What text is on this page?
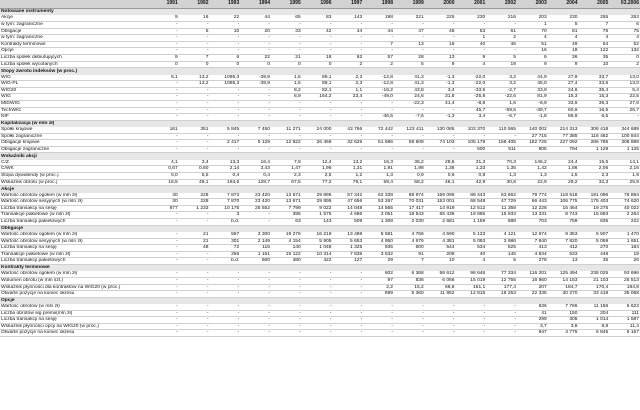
	1991	1992	1993	1994	1995	1996	1997	1998	1999	2000	2001	2002	2003	2004	2005	03.2006
Notowane instrumenty																
Akcje	9	16	22	44	65	83	143	198	221	225	230	216	203	230	255	253
w tym: zagraniczne	-	-	-	-	-	-	-	-	-	-	-	-	1	5	7	6
Obligacje	-	5	10	20	33	42	44	44	47	48	53	61	70	81	76	75
w tym: zagraniczne	-	-	-	-	-	-	-	-	-	-	1	2	4	4	4	4
Kontrakty terminowe	-	-	-	-	-	-	-	7	13	16	40	46	51	49	54	52
Opcje	-	-	-	-	-	-	-	-	-	-	-	-	16	18	122	132
Liczba spółek debiutujących	9	7	6	22	21	18	62	57	28	13	9	5	6	36	35	0
Liczba spółek wycofanych	0	0	0	0	0	0	2	2	5	9	4	19	9	9	10	2
Stopy zwrotu indeksów (w proc.)																
WIG	6,1	13,2	1095,3	-39,9	1,5	89,1	2,3	-12,8	41,3	-1,3	-22,0	3,2	44,9	27,9	33,7	13,0
WIG-PL	-	13,2	1095,3	-39,9	1,5	89,1	2,3	-12,8	41,3	-1,3	-22,0	3,2	45,0	27,4	33,6	13,0
WIG20	-	-	-	-	8,2	82,1	1,1	-16,2	43,8	3,4	-33,5	-2,7	33,9	24,6	35,4	5,4
WIG	-	-	-	-	8,9	164,2	23,4	-49,0	24,6	31,8	-25,8	-22,6	81,9	15,3	15,3	22,5
MIDWIG	-	-	-	-	-	-	-	-	-22,3	41,4	-8,8	1,6	-6,9	33,6	36,3	27,6
TechWIG	-	-	-	-	-	-	-	-	-	-	45,7	-59,5	-39,7	60,6	16,5	26,7
NIF	-	-	-	-	-	-	-	-46,5	-7,6	-1,3	3,4	-6,7	-1,8	66,9	6,5	-
Kapitalizacja (w mln zł)																
Spółki krajowe	161	351	5 845	7 450	11 271	24 000	43 766	72 442	123 411	130 085	103 370	110 565	140 002	214 313	308 418	344 689
Spółki zagraniczne	-	-	-	-	-	-	-	-	-	-	-	-	27 715	77 385	116 482	100 844
Obligacje krajowe	-	-	2 417	5 129	12 922	26 458	32 625	51 686	58 509	74 103	105 179	156 405	182 726	227 092	286 786	308 889
Obligacje zagraniczne	-	-	-	-	-	-	-	-	-	-	500	511	805	794	1 129	1 125
Wskaźniki akcji																
C/Z	4,1	3,4	13,3	16,4	7,8	12,4	13,2	16,3	36,2	28,5	31,3	70,3	146,2	24,4	15,5	14,1
C/WK	0,67	0,60	2,14	3,43	1,47	1,96	1,31	1,91	1,98	1,36	1,33	1,35	1,42	1,86	2,06	2,16
Stopa dywidendy (w proc.)	0,0	5,5	0,4	0,4	2,3	2,5	1,2	1,3	0,9	0,6	0,8	1,3	1,3	1,5	2,3	1,9
Wskaźnik obrotu (w proc.)	18,5	49,1	194,6	128,7	67,5	77,2	79,1	69,4	58,2	46,1	42,9	30,8	22,9	29,2	32,3	25,9
Akcje																
Wartość obrotów ogółem (w mln zł)	30	228	7 873	23 420	13 671	29 895	57 342	62 338	88 974	169 096	88 443	63 662	79 774	118 518	191 096	76 884
Wartość obrotów sesyjnych (w mln zł)	30	228	7 870	23 420	13 671	29 895	47 656	53 267	70 031	153 001	68 548	47 729	66 443	106 775	175 403	74 620
Liczba transakcji na sesję	877	1 233	10 175	25 552	7 799	9 022	14 048	14 565	17 417	14 919	12 512	11 358	12 228	15 464	19 275	40 022
Transakcje pakietowe (w mln zł)	-	-	3	-	395	1 575	4 686	3 051	18 543	65 438	19 895	15 933	13 331	8 743	15 693	2 264
Liczba transakcji pakietowych	-	-	b.d.	-	63	143	509	1 308	2 030	2 681	1 159	688	703	759	835	222
Obligacje																
Wartość obrotów ogółem (w mln zł)	-	21	557	3 300	19 276	16 219	13 488	8 581	4 766	4 590	5 133	4 121	12 674	8 353	5 507	1 470
Wartość obrotów sesyjnych (w mln zł)	-	21	301	2 149	4 154	5 905	5 653	4 950	4 676	4 381	5 093	3 986	7 840	7 820	5 059	1 651
Liczba transakcji na sesję	-	48	72	115	140	1 048	1 325	935	600	544	534	525	413	412	270	184
Transakcje pakietowe (w mln zł)	-	-	256	1 151	15 122	10 314	7 835	3 632	91	209	40	145	4 834	533	448	19
Liczba transakcji pakietowych	-	-	b.d.	660	480	422	127	29	7	10	4	5	278	13	35	26
Kontrakty terminowe																
Wartość obrotów ogółem (w mln zł)	-	-	-	-	-	-	-	602	6 368	58 612	98 646	77 334	116 201	125 494	238 025	93 696
Wolumen obrotu (w mln szt.)	-	-	-	-	-	-	-	97	836	6 066	15 019	12 755	16 860	14 153	21 103	25 513
Wskaźnik płynności dla kontraktów na WIG20 (w proc.)	-	-	-	-	-	-	-	2,2	15,2	68,8	161,1	177,4	207	184,7	170,4	184,8
Otwarte pozycje na koniec okresu	-	-	-	-	-	-	-	699	5 360	11 952	12 815	18 253	22 335	30 270	33 418	35 068
Opcje																
Wartość obrotów (w mln zł)	-	-	-	-	-	-	-	-	-	-	-	-	636	7 786	11 156	5 623
Liczba obrotów wg premii(mln zł)	-	-	-	-	-	-	-	-	-	-	-	-	41	150	204	111
Liczba transakcji na sesję	-	-	-	-	-	-	-	-	-	-	-	-	299	305	1 014	1 587
Wskaźnik płynności opcji na WIG20 (w proc.)	-	-	-	-	-	-	-	-	-	-	-	-	3,7	3,8	8,8	11,4
Otwarte pozycje na koniec okresu	-	-	-	-	-	-	-	-	-	-	-	-	847	4 775	6 845	5 157
